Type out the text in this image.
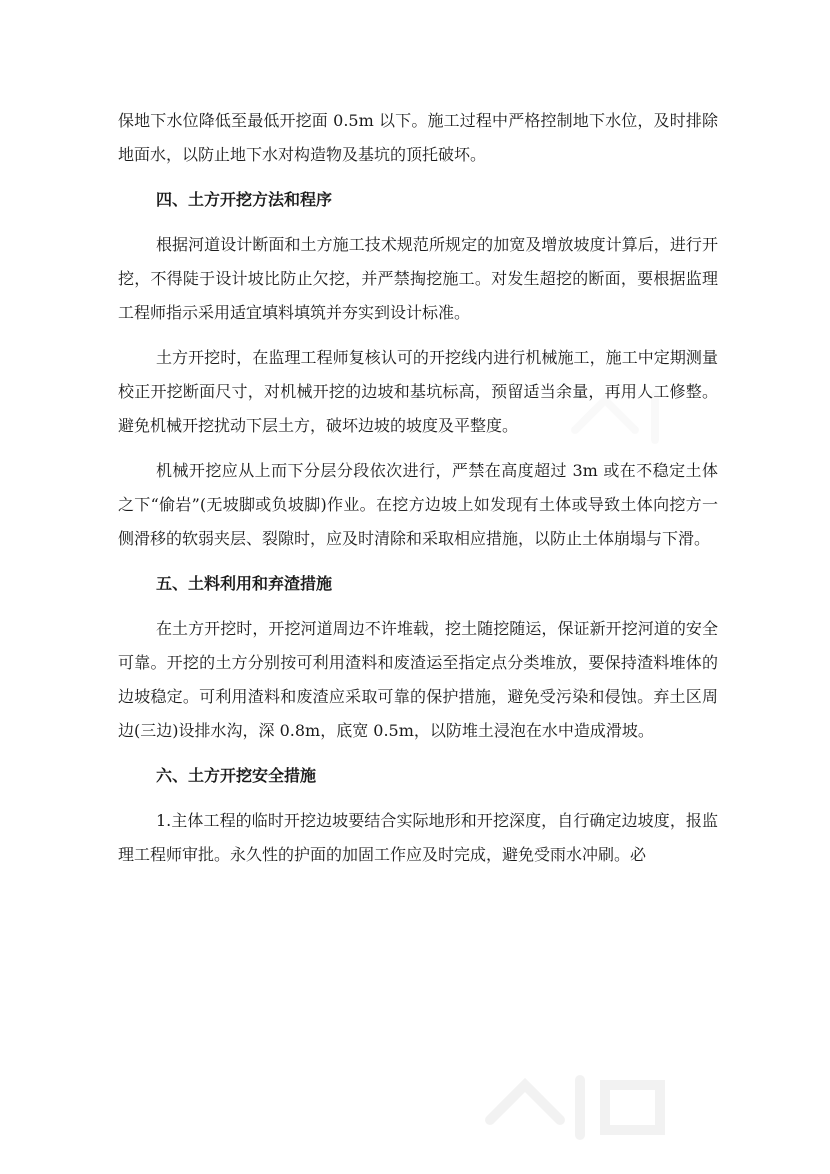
保地下水位降低至最低开挖面 0.5m 以下。施工过程中严格控制地下水位，及时排除地面水，以防止地下水对构造物及基坑的顶托破坏。

四、土方开挖方法和程序

根据河道设计断面和土方施工技术规范所规定的加宽及增放坡度计算后，进行开挖，不得陡于设计坡比防止欠挖，并严禁掏挖施工。对发生超挖的断面，要根据监理工程师指示采用适宜填料填筑并夯实到设计标准。

土方开挖时，在监理工程师复核认可的开挖线内进行机械施工，施工中定期测量校正开挖断面尺寸，对机械开挖的边坡和基坑标高，预留适当余量，再用人工修整。避免机械开挖扰动下层土方，破坏边坡的坡度及平整度。

机械开挖应从上而下分层分段依次进行，严禁在高度超过 3m 或在不稳定土体之下“偷岩”(无坡脚或负坡脚)作业。在挖方边坡上如发现有土体或导致土体向挖方一侧滑移的软弱夹层、裂隙时，应及时清除和采取相应措施，以防止土体崩塌与下滑。

五、土料利用和弃渣措施

在土方开挖时，开挖河道周边不许堆载，挖土随挖随运，保证新开挖河道的安全可靠。开挖的土方分别按可利用渣料和废渣运至指定点分类堆放，要保持渣料堆体的边坡稳定。可利用渣料和废渣应采取可靠的保护措施，避免受污染和侵蚀。弃土区周边(三边)设排水沟，深 0.8m，底宽 0.5m，以防堆土浸泡在水中造成滑坡。

六、土方开挖安全措施

1.主体工程的临时开挖边坡要结合实际地形和开挖深度，自行确定边坡度，报监理工程师审批。永久性的护面的加固工作应及时完成，避免受雨水冲刷。必
